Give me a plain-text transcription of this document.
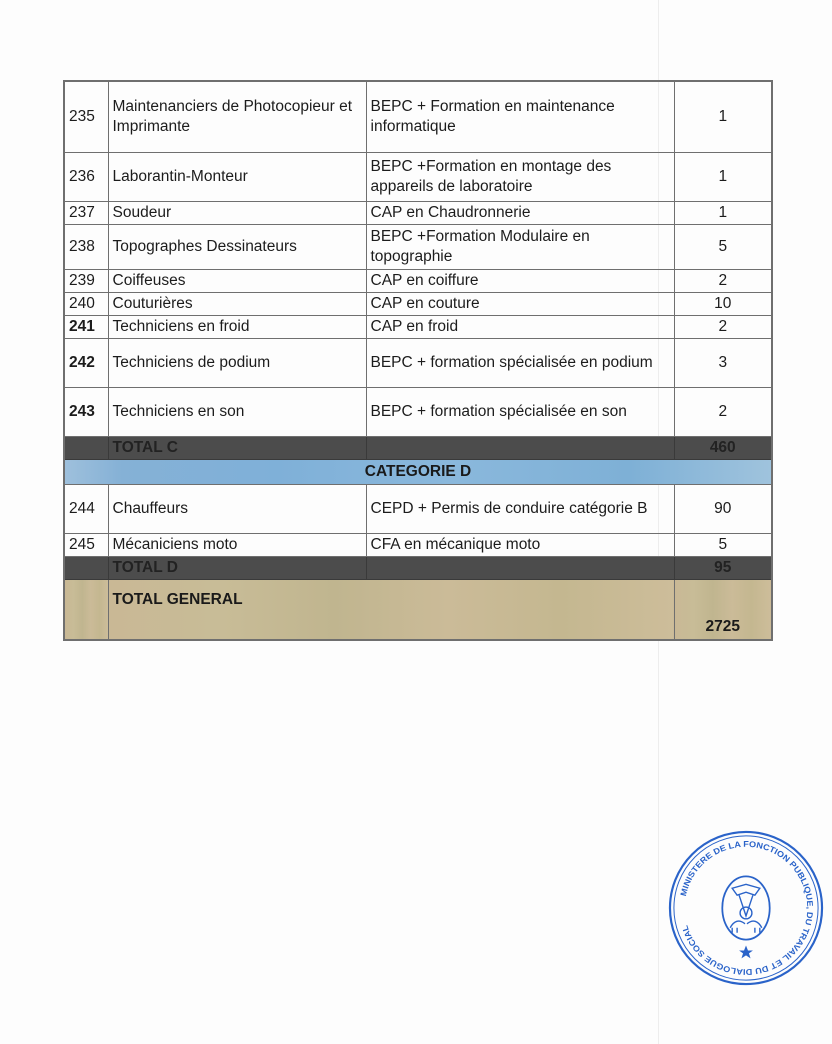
235	Maintenanciers de Photocopieur et Imprimante	BEPC + Formation en maintenance informatique	1
236	Laborantin-Monteur	BEPC +Formation en montage des appareils de laboratoire	1
237	Soudeur	CAP en Chaudronnerie	1
238	Topographes Dessinateurs	BEPC +Formation Modulaire en topographie	5
239	Coiffeuses	CAP en coiffure	2
240	Couturières	CAP en couture	10
241	Techniciens en froid	CAP en froid	2
242	Techniciens de podium	BEPC + formation spécialisée en podium	3
243	Techniciens en son	BEPC + formation spécialisée en son	2
	TOTAL C		460
CATEGORIE D			
244	Chauffeurs	CEPD + Permis de conduire catégorie B	90
245	Mécaniciens moto	CFA en mécanique moto	5
	TOTAL D		95
	TOTAL GENERAL		2725
MINISTERE DE LA FONCTION PUBLIQUE, DU TRAVAIL ET DU DIALOGUE SOCIAL
